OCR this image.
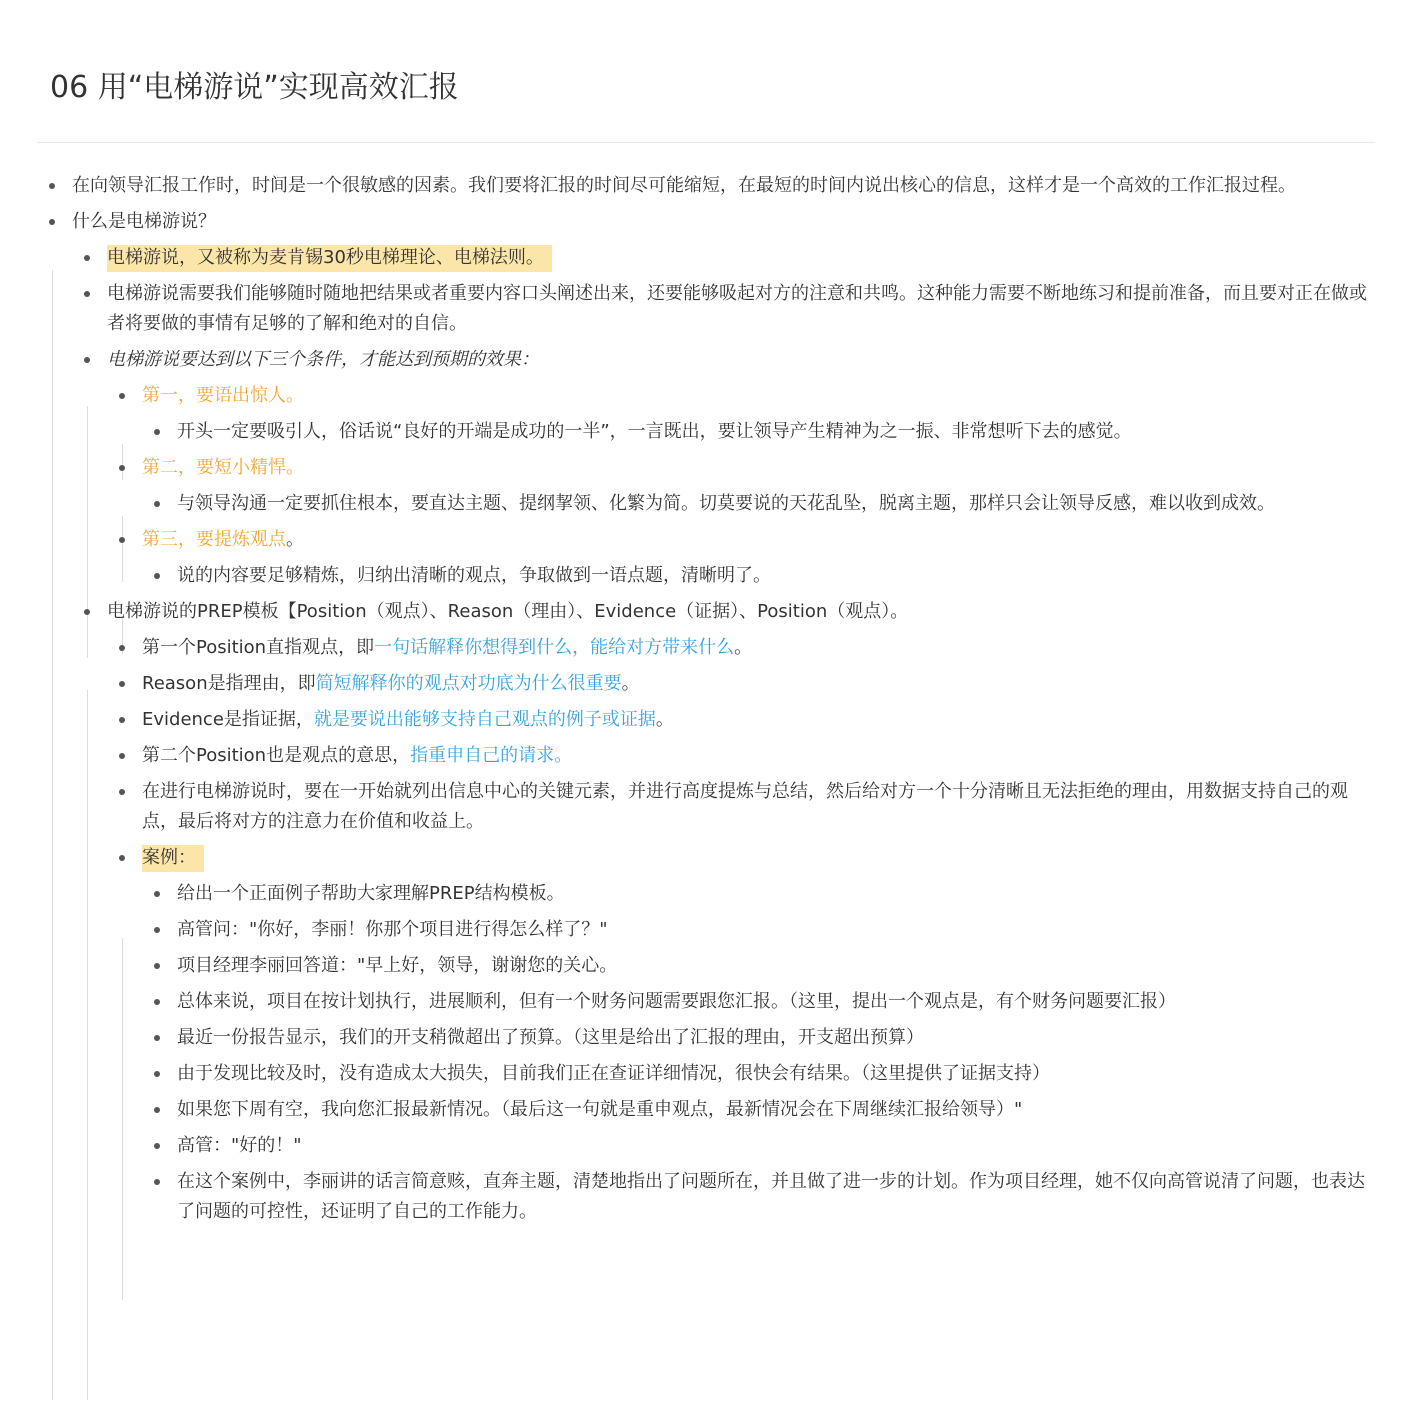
06 用“电梯游说”实现高效汇报
在向领导汇报工作时，时间是一个很敏感的因素。我们要将汇报的时间尽可能缩短，在最短的时间内说出核心的信息，这样才是一个高效的工作汇报过程。
什么是电梯游说？
电梯游说，又被称为麦肯锡30秒电梯理论、电梯法则。
电梯游说需要我们能够随时随地把结果或者重要内容口头阐述出来，还要能够吸起对方的注意和共鸣。这种能力需要不断地练习和提前准备，而且要对正在做或者将要做的事情有足够的了解和绝对的自信。
电梯游说要达到以下三个条件，才能达到预期的效果：
第一，要语出惊人。
开头一定要吸引人，俗话说“良好的开端是成功的一半”，一言既出，要让领导产生精神为之一振、非常想听下去的感觉。
第二，要短小精悍。
与领导沟通一定要抓住根本，要直达主题、提纲挈领、化繁为简。切莫要说的天花乱坠，脱离主题，那样只会让领导反感，难以收到成效。
第三，要提炼观点。
说的内容要足够精炼，归纳出清晰的观点，争取做到一语点题，清晰明了。
电梯游说的PREP模板【Position（观点）、Reason（理由）、Evidence（证据）、Position（观点）。
第一个Position直指观点，即一句话解释你想得到什么，能给对方带来什么。
Reason是指理由，即简短解释你的观点对功底为什么很重要。
Evidence是指证据，就是要说出能够支持自己观点的例子或证据。
第二个Position也是观点的意思，指重申自己的请求。
在进行电梯游说时，要在一开始就列出信息中心的关键元素，并进行高度提炼与总结，然后给对方一个十分清晰且无法拒绝的理由，用数据支持自己的观点，最后将对方的注意力在价值和收益上。
案例：
给出一个正面例子帮助大家理解PREP结构模板。
高管问："你好，李丽！你那个项目进行得怎么样了？"
项目经理李丽回答道："早上好，领导，谢谢您的关心。
总体来说，项目在按计划执行，进展顺利，但有一个财务问题需要跟您汇报。（这里，提出一个观点是，有个财务问题要汇报）
最近一份报告显示，我们的开支稍微超出了预算。（这里是给出了汇报的理由，开支超出预算）
由于发现比较及时，没有造成太大损失，目前我们正在查证详细情况，很快会有结果。（这里提供了证据支持）
如果您下周有空，我向您汇报最新情况。（最后这一句就是重申观点，最新情况会在下周继续汇报给领导）"
高管："好的！"
在这个案例中，李丽讲的话言简意赅，直奔主题，清楚地指出了问题所在，并且做了进一步的计划。作为项目经理，她不仅向高管说清了问题，也表达了问题的可控性，还证明了自己的工作能力。
